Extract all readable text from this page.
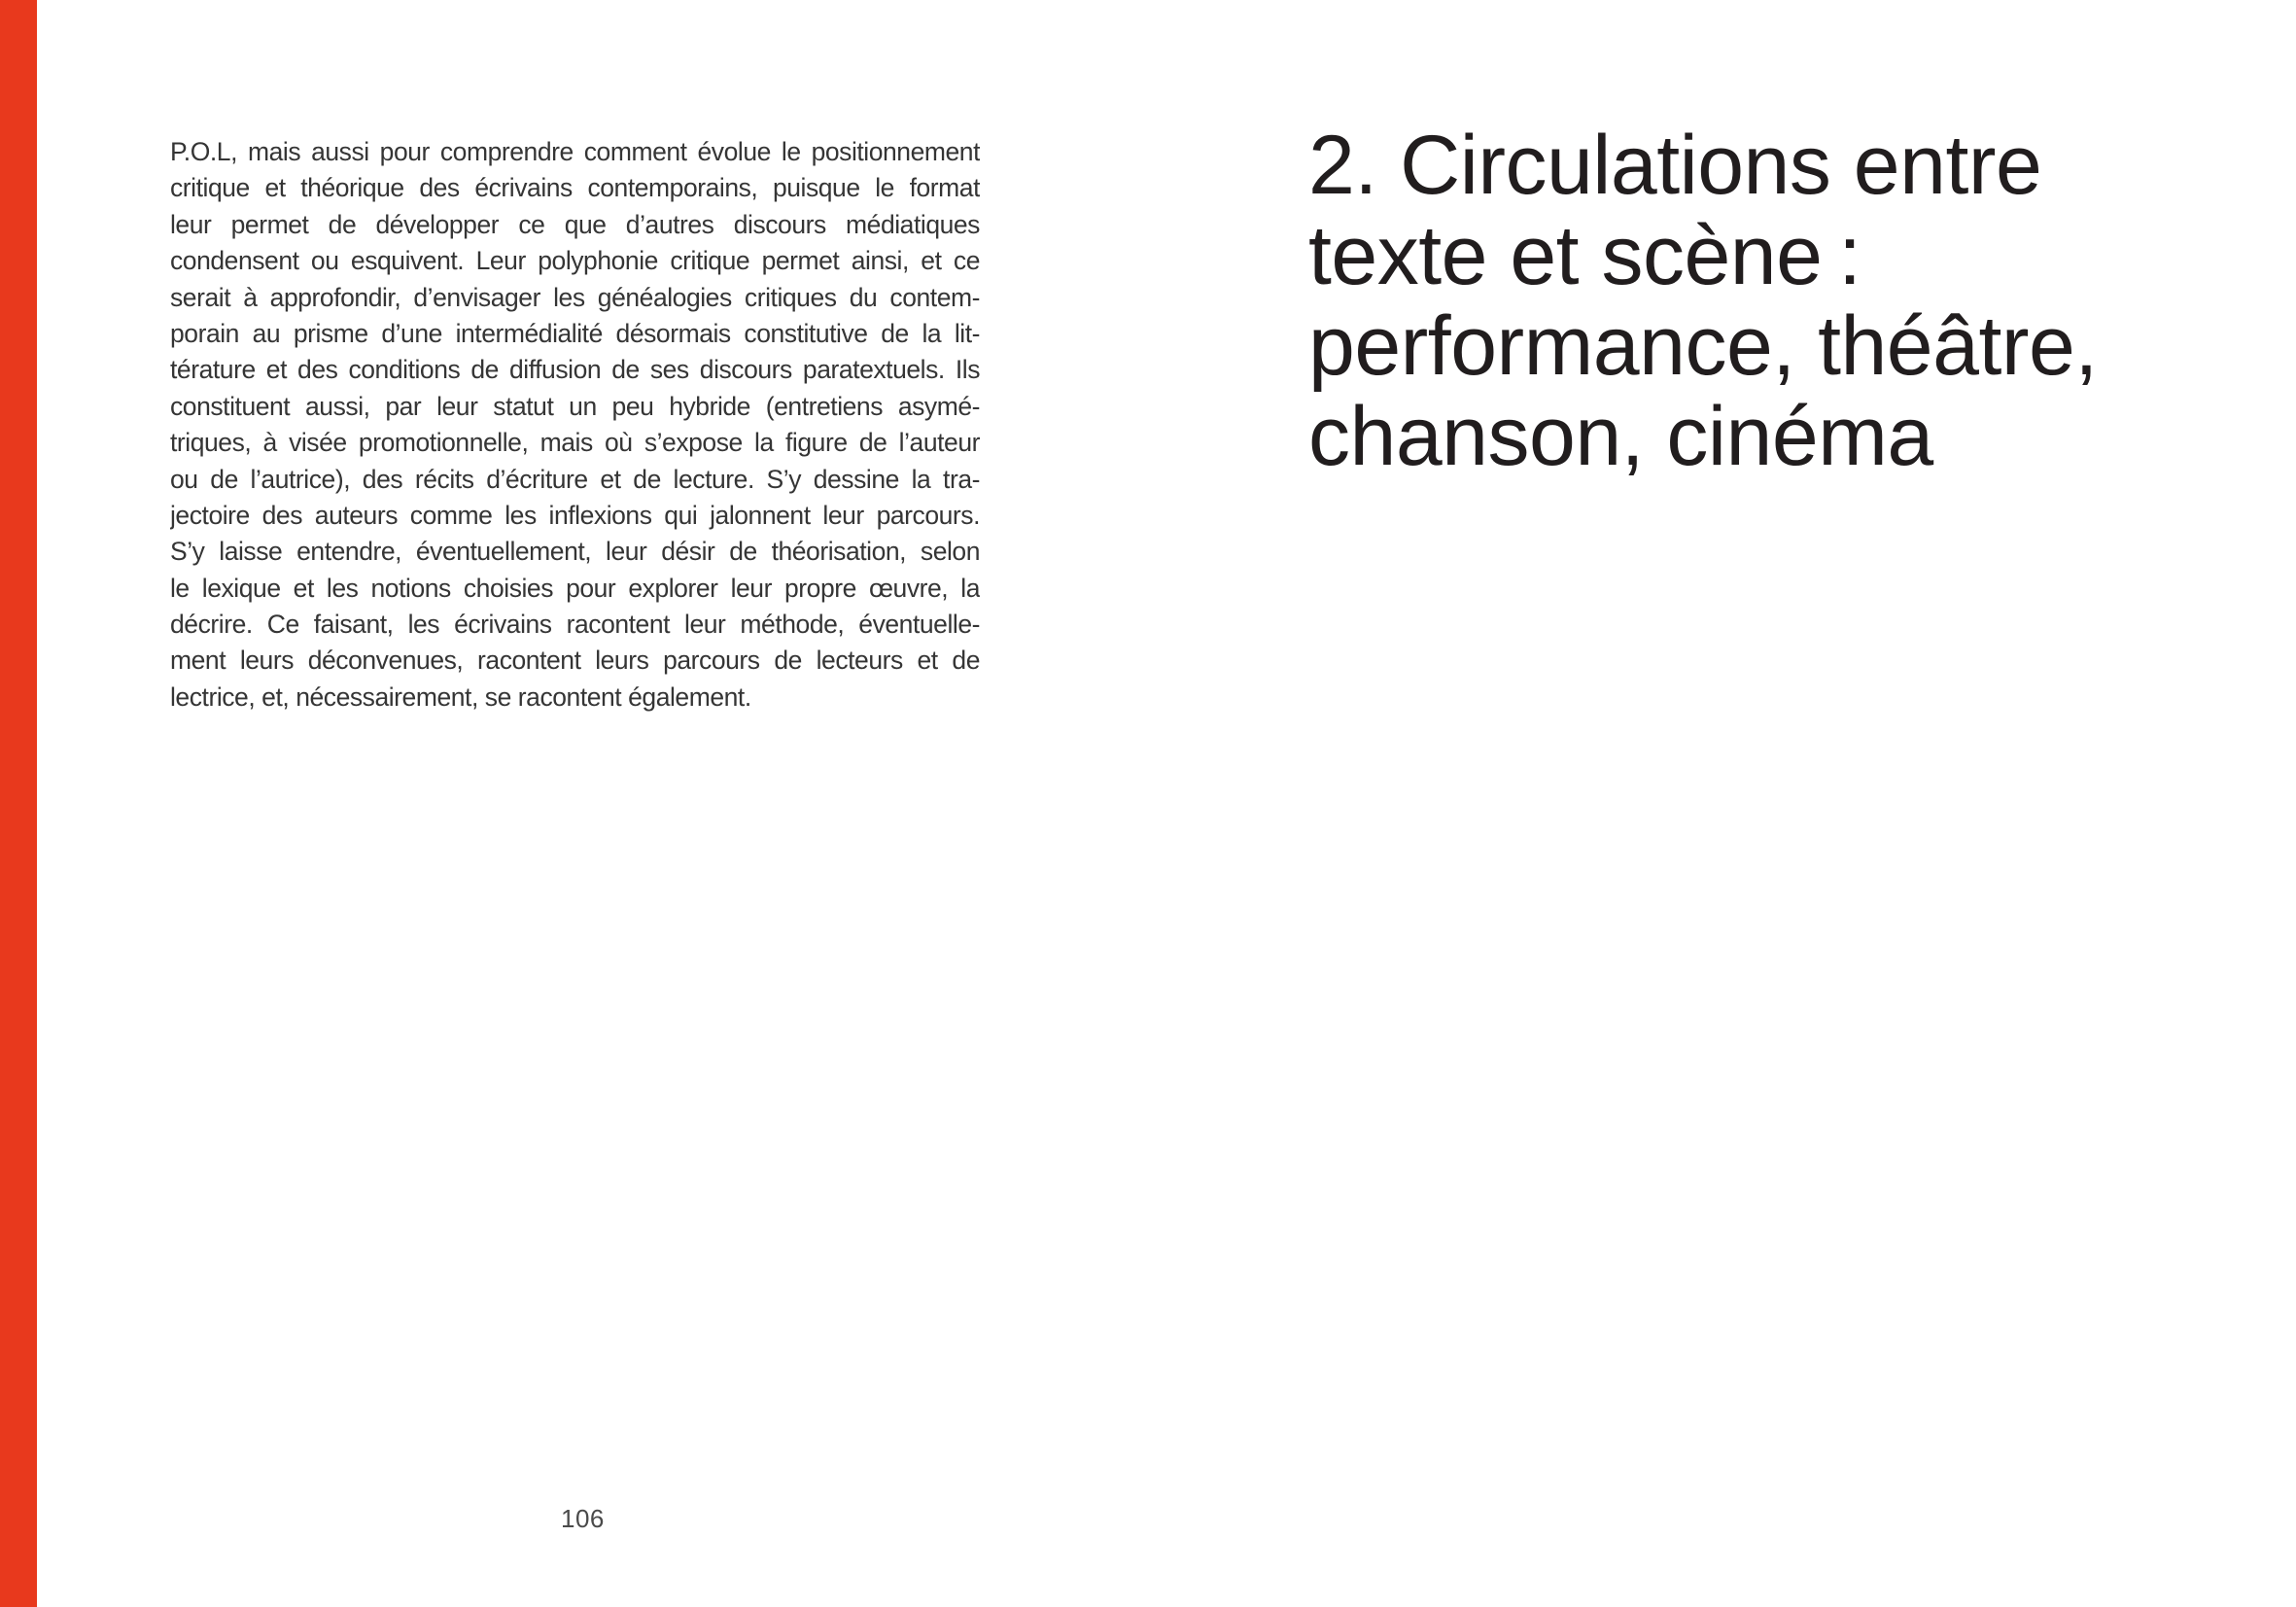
P.O.L, mais aussi pour comprendre comment évolue le positionnement
critique et théorique des écrivains contemporains, puisque le format
leur permet de développer ce que d’autres discours médiatiques
condensent ou esquivent. Leur polyphonie critique permet ainsi, et ce
serait à approfondir, d’envisager les généalogies critiques du contem-
porain au prisme d’une intermédialité désormais constitutive de la lit-
térature et des conditions de diffusion de ses discours paratextuels. Ils
constituent aussi, par leur statut un peu hybride (entretiens asymé-
triques, à visée promotionnelle, mais où s’expose la figure de l’auteur
ou de l’autrice), des récits d’écriture et de lecture. S’y dessine la tra-
jectoire des auteurs comme les inflexions qui jalonnent leur parcours.
S’y laisse entendre, éventuellement, leur désir de théorisation, selon
le lexique et les notions choisies pour explorer leur propre œuvre, la
décrire. Ce faisant, les écrivains racontent leur méthode, éventuelle-
ment leurs déconvenues, racontent leurs parcours de lecteurs et de
lectrice, et, nécessairement, se racontent également.
106
2. Circulations entre
texte et scène :
performance, théâtre,
chanson, cinéma
